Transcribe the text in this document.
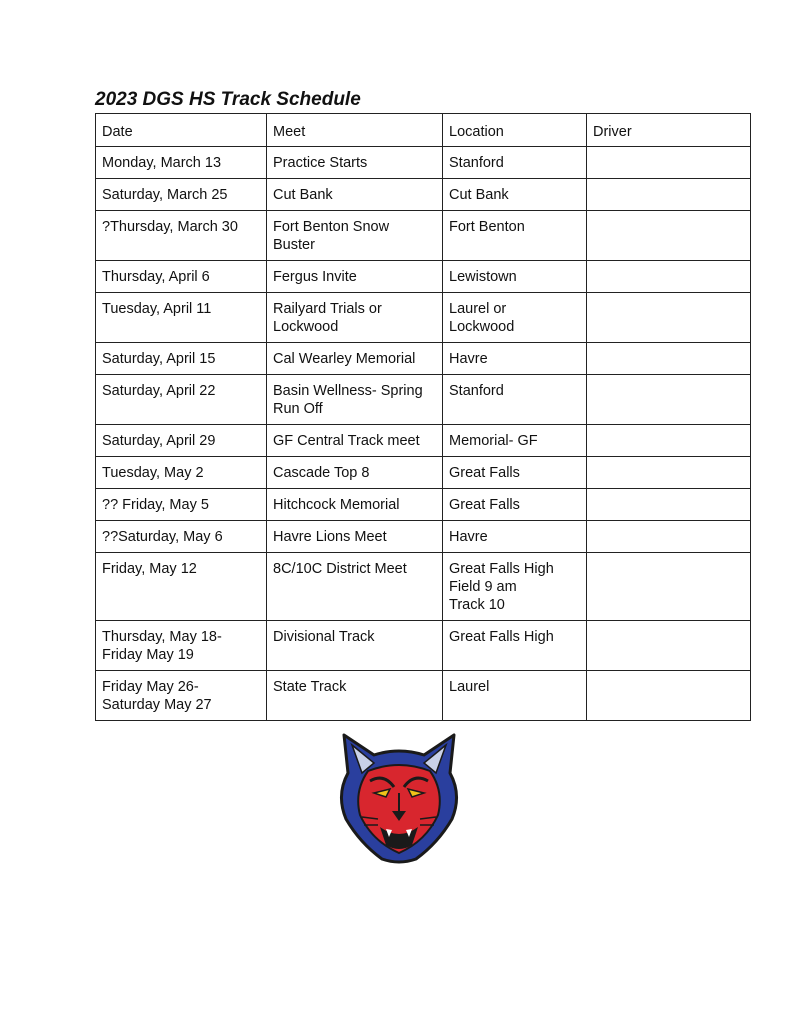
2023 DGS HS Track Schedule
Date	Meet	Location	Driver

Monday, March 13	Practice Starts	Stanford	

Saturday, March 25	Cut Bank	Cut Bank	

?Thursday, March 30	Fort Benton Snow
Buster	Fort Benton	

Thursday, April 6	Fergus Invite	Lewistown	

Tuesday, April 11	Railyard Trials or
Lockwood	Laurel or
Lockwood	

Saturday, April 15	Cal Wearley Memorial	Havre	

Saturday, April 22	Basin Wellness- Spring
Run Off	Stanford	

Saturday, April 29	GF Central Track meet	Memorial- GF	

Tuesday, May 2	Cascade Top 8	Great Falls	

?? Friday, May 5	Hitchcock Memorial	Great Falls	

??Saturday, May 6	Havre Lions Meet	Havre	

Friday, May 12	8C/10C District Meet	Great Falls High
Field 9 am
Track 10	

Thursday, May 18-
Friday May 19	Divisional Track	Great Falls High	

Friday May 26-
Saturday May 27	State Track	Laurel	
